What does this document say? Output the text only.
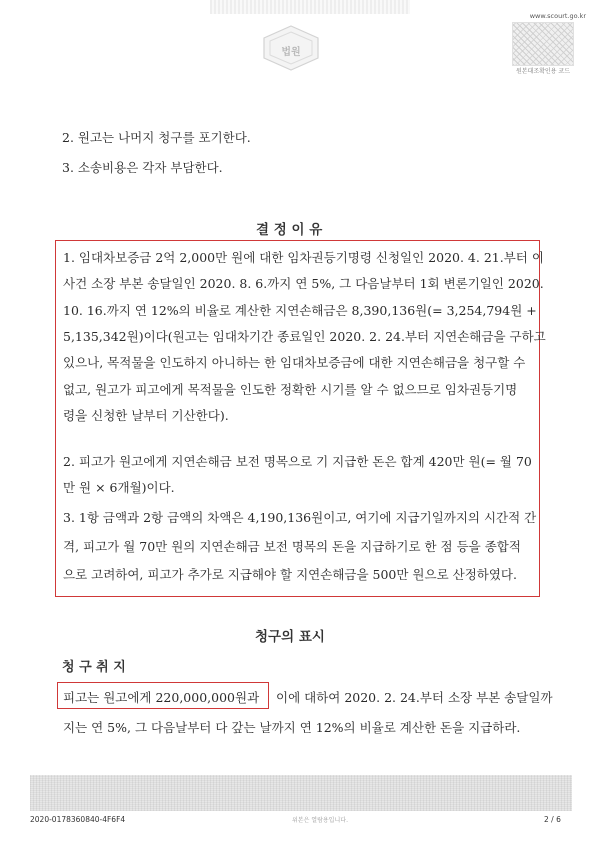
법원
www.scourt.go.kr
원본대조확인용 코드
2. 원고는 나머지 청구를 포기한다.
3. 소송비용은 각자 부담한다.
결 정 이 유
1. 임대차보증금 2억 2,000만 원에 대한 임차권등기명령 신청일인 2020. 4. 21.부터 이
사건 소장 부본 송달일인 2020. 8. 6.까지 연 5%, 그 다음날부터 1회 변론기일인 2020.
10. 16.까지 연 12%의 비율로 계산한 지연손해금은 8,390,136원(= 3,254,794원 +
5,135,342원)이다(원고는 임대차기간 종료일인 2020. 2. 24.부터 지연손해금을 구하고
있으나, 목적물을 인도하지 아니하는 한 임대차보증금에 대한 지연손해금을 청구할 수
없고, 원고가 피고에게 목적물을 인도한 정확한 시기를 알 수 없으므로 임차권등기명
령을 신청한 날부터 기산한다).
2. 피고가 원고에게 지연손해금 보전 명목으로 기 지급한 돈은 합계 420만 원(= 월 70
만 원 × 6개월)이다.
3. 1항 금액과 2항 금액의 차액은 4,190,136원이고, 여기에 지급기일까지의 시간적 간
격, 피고가 월 70만 원의 지연손해금 보전 명목의 돈을 지급하기로 한 점 등을 종합적
으로 고려하여, 피고가 추가로 지급해야 할 지연손해금을 500만 원으로 산정하였다.
청구의 표시
청 구 취 지
피고는 원고에게 220,000,000원과 이에 대하여 2020. 2. 24.부터 소장 부본 송달일까
지는 연 5%, 그 다음날부터 다 갚는 날까지 연 12%의 비율로 계산한 돈을 지급하라.
2020-0178360840-4F6F4	위본은 열람용입니다.	2 / 6
